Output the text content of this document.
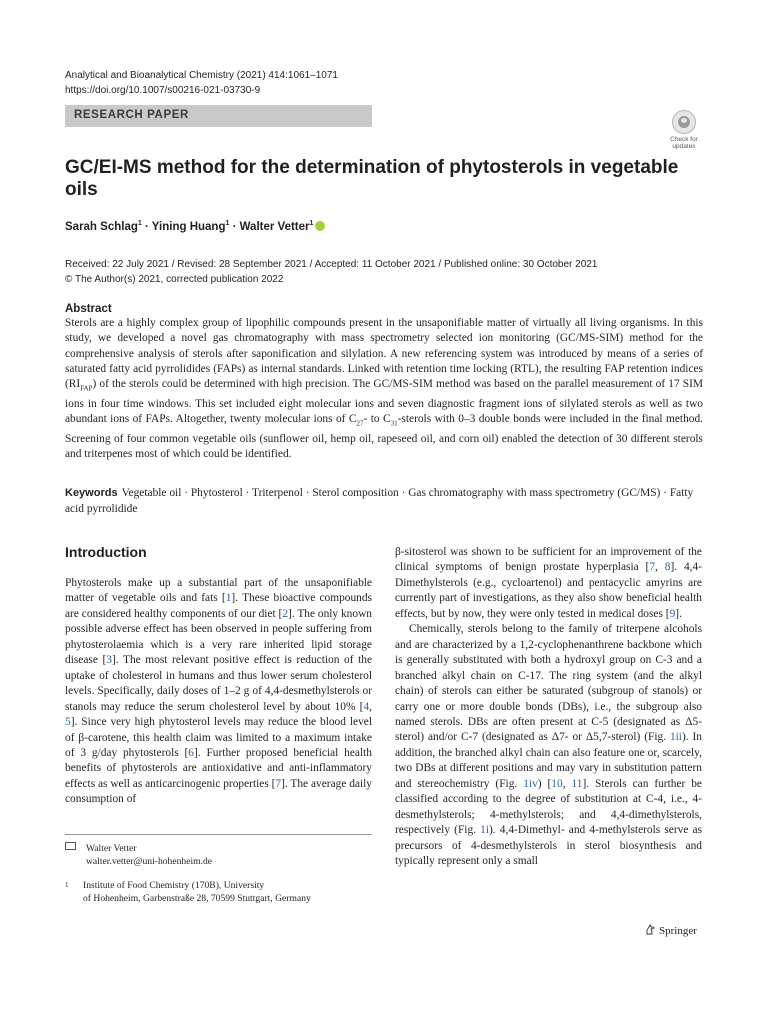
Analytical and Bioanalytical Chemistry (2021) 414:1061–1071
https://doi.org/10.1007/s00216-021-03730-9
RESEARCH PAPER
Check for
updates
GC/EI-MS method for the determination of phytosterols in vegetable oils
Sarah Schlag$^1$ · Yining Huang$^1$ · Walter Vetter$^1$
Received: 22 July 2021 / Revised: 28 September 2021 / Accepted: 11 October 2021 / Published online: 30 October 2021
© The Author(s) 2021, corrected publication 2022
Abstract

Sterols are a highly complex group of lipophilic compounds present in the unsaponifiable matter of virtually all living organisms. In this study, we developed a novel gas chromatography with mass spectrometry selected ion monitoring (GC/MS-SIM) method for the comprehensive analysis of sterols after saponification and silylation. A new referencing system was introduced by means of a series of saturated fatty acid pyrrolidides (FAPs) as internal standards. Linked with retention time locking (RTL), the resulting FAP retention indices $(RI_{FAP})$ of the sterols could be determined with high precision. The GC/MS-SIM method was based on the parallel measurement of 17 SIM ions in four time windows. This set included eight molecular ions and seven diagnostic fragment ions of silylated sterols as well as two abundant ions of FAPs. Altogether, twenty molecular ions of $C_{27}-$ to $C_{31}$-sterols with 0–3 double bonds were included in the final method. Screening of four common vegetable oils (sunflower oil, hemp oil, rapeseed oil, and corn oil) enabled the detection of 30 different sterols and triterpenes most of which could be identified.

Keywords Vegetable oil · Phytosterol · Triterpenol · Sterol composition · Gas chromatography with mass spectrometry (GC/MS) · Fatty acid pyrrolidide
Introduction

Phytosterols make up a substantial part of the unsaponifiable matter of vegetable oils and fats [1]. These bioactive compounds are considered healthy components of our diet [2]. The only known possible adverse effect has been observed in people suffering from phytosterolaemia which is a very rare inherited lipid storage disease [3]. The most relevant positive effect is reduction of the uptake of cholesterol in humans and thus lower serum cholesterol levels. Specifically, daily doses of 1–2 g of 4,4-desmethylsterols or stanols may reduce the serum cholesterol level by about 10% [4, 5]. Since very high phytosterol levels may reduce the blood level of β-carotene, this health claim was limited to a maximum intake of 3 g/day phytosterols [6]. Further proposed beneficial health benefits of phytosterols are antioxidative and anti-inflammatory effects as well as anticarcinogenic properties [7]. The average daily consumption of

β-sitosterol was shown to be sufficient for an improvement of the clinical symptoms of benign prostate hyperplasia [7, 8]. 4,4-Dimethylsterols (e.g., cycloartenol) and pentacyclic amyrins are currently part of investigations, as they also show beneficial health effects, but by now, they were only tested in medical doses [9].

Chemically, sterols belong to the family of triterpene alcohols and are characterized by a 1,2-cyclophenanthrene backbone which is generally substituted with both a hydroxyl group on C-3 and a branched alkyl chain on C-17. The ring system (and the alkyl chain) of sterols can either be saturated (subgroup of stanols) or carry one or more double bonds (DBs), i.e., the subgroup also named sterols. DBs are often present at C-5 (designated as Δ5-sterol) and/or C-7 (designated as Δ7- or Δ5,7-sterol) (Fig. 1ii). In addition, the branched alkyl chain can also feature one or, scarcely, two DBs at different positions and may vary in substitution pattern and stereochemistry (Fig. 1iv) [10, 11]. Sterols can further be classified according to the degree of substitution at C-4, i.e., 4-desmethylsterols; 4-methylsterols; and 4,4-dimethylsterols, respectively (Fig. 1i). 4,4-Dimethyl- and 4-methylsterols serve as precursors of 4-desmethylsterols in sterol biosynthesis and typically represent only a small

Walter Vetter
walter.vetter@uni-hohenheim.de
1 Institute of Food Chemistry (170B), University
of Hohenheim, Garbenstraße 28, 70599 Stuttgart, Germany
Springer
